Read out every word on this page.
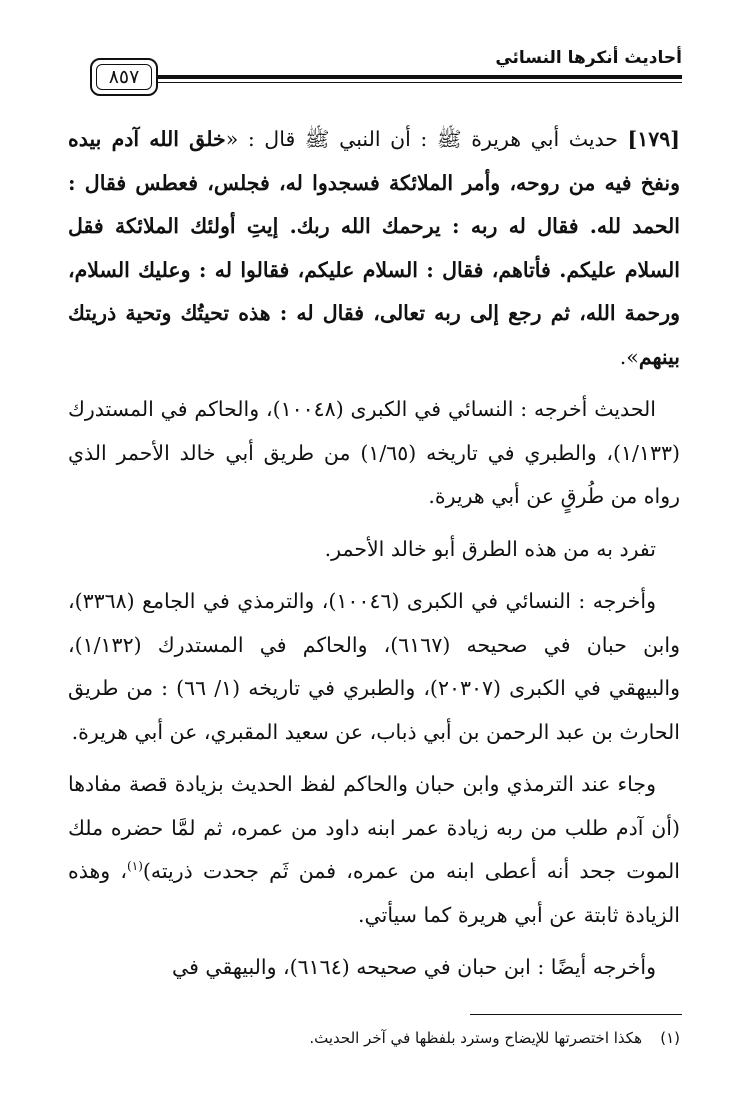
أحاديث أنكرها النسائي
٨٥٧

[١٧٩] حديث أبي هريرة ﷺ : أن النبي ﷺ قال : «خلق الله آدم بيده ونفخ فيه من روحه، وأمر الملائكة فسجدوا له، فجلس، فعطس فقال : الحمد لله. فقال له ربه : يرحمك الله ربك. إيتِ أولئك الملائكة فقل السلام عليكم. فأتاهم، فقال : السلام عليكم، فقالوا له : وعليك السلام، ورحمة الله، ثم رجع إلى ربه تعالى، فقال له : هذه تحيتُك وتحية ذريتك بينهم».

الحديث أخرجه : النسائي في الكبرى (١٠٠٤٨)، والحاكم في المستدرك (١/١٣٣)، والطبري في تاريخه (١/٦٥) من طريق أبي خالد الأحمر الذي رواه من طُرقٍ عن أبي هريرة.

تفرد به من هذه الطرق أبو خالد الأحمر.

وأخرجه : النسائي في الكبرى (١٠٠٤٦)، والترمذي في الجامع (٣٣٦٨)، وابن حبان في صحيحه (٦١٦٧)، والحاكم في المستدرك (١/١٣٢)، والبيهقي في الكبرى (٢٠٣٠٧)، والطبري في تاريخه (١/ ٦٦) : من طريق الحارث بن عبد الرحمن بن أبي ذباب، عن سعيد المقبري، عن أبي هريرة.

وجاء عند الترمذي وابن حبان والحاكم لفظ الحديث بزيادة قصة مفادها (أن آدم طلب من ربه زيادة عمر ابنه داود من عمره، ثم لمَّا حضره ملك الموت جحد أنه أعطى ابنه من عمره، فمن ثَم جحدت ذريته)$^{(١)}$، وهذه الزيادة ثابتة عن أبي هريرة كما سيأتي.

وأخرجه أيضًا : ابن حبان في صحيحه (٦١٦٤)، والبيهقي في

(١)هكذا اختصرتها للإيضاح وسترد بلفظها في آخر الحديث.
